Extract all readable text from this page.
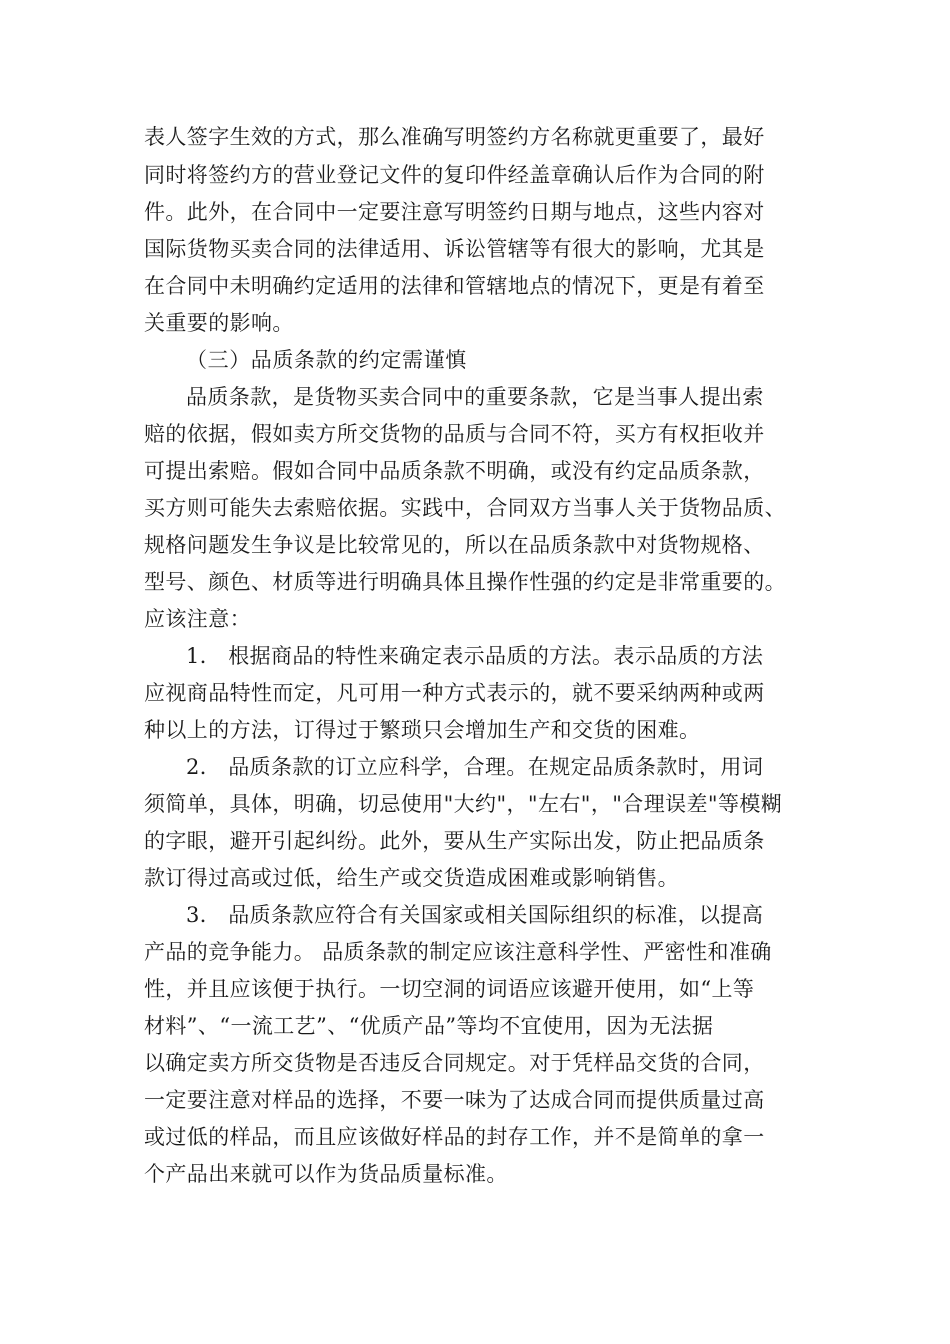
表人签字生效的方式，那么准确写明签约方名称就更重要了，最好

同时将签约方的营业登记文件的复印件经盖章确认后作为合同的附

件。此外，在合同中一定要注意写明签约日期与地点，这些内容对

国际货物买卖合同的法律适用、诉讼管辖等有很大的影响，尤其是

在合同中未明确约定适用的法律和管辖地点的情况下，更是有着至

关重要的影响。

（三）品质条款的约定需谨慎

品质条款，是货物买卖合同中的重要条款，它是当事人提出索

赔的依据，假如卖方所交货物的品质与合同不符，买方有权拒收并

可提出索赔。假如合同中品质条款不明确，或没有约定品质条款，

买方则可能失去索赔依据。实践中，合同双方当事人关于货物品质、

规格问题发生争议是比较常见的，所以在品质条款中对货物规格、

型号、颜色、材质等进行明确具体且操作性强的约定是非常重要的。

应该注意：

1． 根据商品的特性来确定表示品质的方法。表示品质的方法

应视商品特性而定，凡可用一种方式表示的，就不要采纳两种或两

种以上的方法，订得过于繁琐只会增加生产和交货的困难。

2． 品质条款的订立应科学，合理。在规定品质条款时，用词

须简单，具体，明确，切忌使用"大约"，"左右"，"合理误差"等模糊

的字眼，避开引起纠纷。此外，要从生产实际出发，防止把品质条

款订得过高或过低，给生产或交货造成困难或影响销售。

3． 品质条款应符合有关国家或相关国际组织的标准，以提高

产品的竞争能力。 品质条款的制定应该注意科学性、严密性和准确

性，并且应该便于执行。一切空洞的词语应该避开使用，如“上等

材料”、“一流工艺”、“优质产品”等均不宜使用，因为无法据

以确定卖方所交货物是否违反合同规定。对于凭样品交货的合同，

一定要注意对样品的选择，不要一味为了达成合同而提供质量过高

或过低的样品，而且应该做好样品的封存工作，并不是简单的拿一

个产品出来就可以作为货品质量标准。
